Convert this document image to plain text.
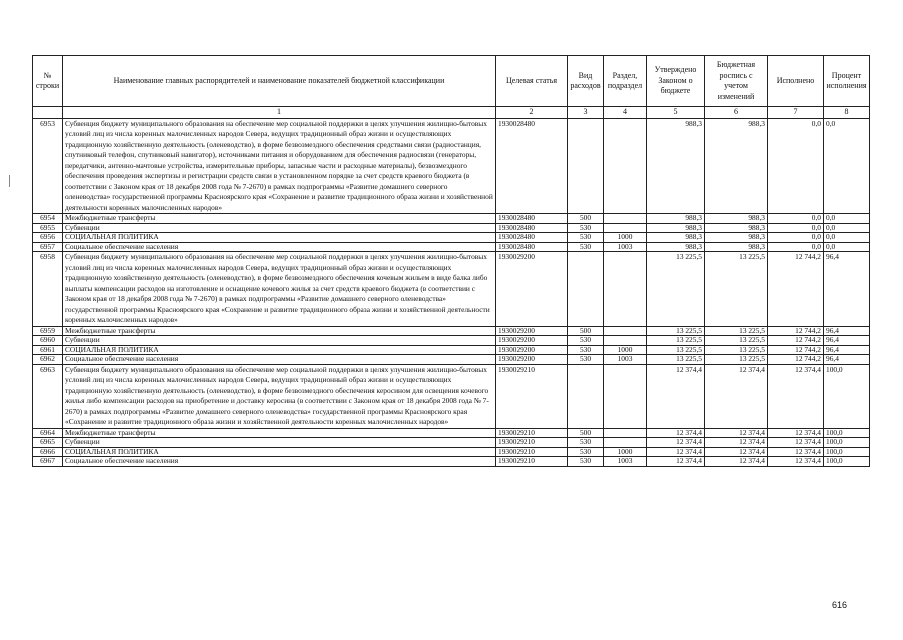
№ строки	Наименование главных распорядителей и наименование показателей бюджетной классификации	Целевая статья	Вид расходов	Раздел, подраздел	Утверждено Законом о бюджете	Бюджетная роспись с учетом изменений	Исполнено	Процент исполнения
	1	2	3	4	5	6	7	8
6953	Субвенция бюджету муниципального образования на обеспечение мер социальной поддержки в целях улучшения жилищно-бытовых условий лиц из числа коренных малочисленных народов Севера, ведущих традиционный образ жизни и осуществляющих традиционную хозяйственную деятельность (оленеводство), в форме безвозмездного обеспечения средствами связи (радиостанция, спутниковый телефон, спутниковый навигатор), источниками питания и оборудованием для обеспечения радиосвязи (генераторы, передатчики, антенно-мачтовые устройства, измерительные приборы, запасные части и расходные материалы), безвозмездного обеспечения проведения экспертизы и регистрации средств связи в установленном порядке за счет средств краевого бюджета (в соответствии с Законом края от 18 декабря 2008 года № 7-2670) в рамках подпрограммы «Развитие домашнего северного оленеводства» государственной программы Красноярского края «Сохранение и развитие традиционного образа жизни и хозяйственной деятельности коренных малочисленных народов»	1930028480			988,3	988,3	0,0	0,0
6954	Межбюджетные трансферты	1930028480	500		988,3	988,3	0,0	0,0
6955	Субвенции	1930028480	530		988,3	988,3	0,0	0,0
6956	СОЦИАЛЬНАЯ ПОЛИТИКА	1930028480	530	1000	988,3	988,3	0,0	0,0
6957	Социальное обеспечение населения	1930028480	530	1003	988,3	988,3	0,0	0,0
6958	Субвенция бюджету муниципального образования на обеспечение мер социальной поддержки в целях улучшения жилищно-бытовых условий лиц из числа коренных малочисленных народов Севера, ведущих традиционный образ жизни и осуществляющих традиционную хозяйственную деятельность (оленеводство), в форме безвозмездного обеспечения кочевым жильем в виде балка либо выплаты компенсации расходов на изготовление и оснащение кочевого жилья за счет средств краевого бюджета (в соответствии с Законом края от 18 декабря 2008 года № 7-2670) в рамках подпрограммы «Развитие домашнего северного оленеводства» государственной программы Красноярского края «Сохранение и развитие традиционного образа жизни и хозяйственной деятельности коренных малочисленных народов»	1930029200			13 225,5	13 225,5	12 744,2	96,4
6959	Межбюджетные трансферты	1930029200	500		13 225,5	13 225,5	12 744,2	96,4
6960	Субвенции	1930029200	530		13 225,5	13 225,5	12 744,2	96,4
6961	СОЦИАЛЬНАЯ ПОЛИТИКА	1930029200	530	1000	13 225,5	13 225,5	12 744,2	96,4
6962	Социальное обеспечение населения	1930029200	530	1003	13 225,5	13 225,5	12 744,2	96,4
6963	Субвенция бюджету муниципального образования на обеспечение мер социальной поддержки в целях улучшения жилищно-бытовых условий лиц из числа коренных малочисленных народов Севера, ведущих традиционный образ жизни и осуществляющих традиционную хозяйственную деятельность (оленеводство), в форме безвозмездного обеспечения керосином для освещения кочевого жилья либо компенсации расходов на приобретение и доставку керосина (в соответствии с Законом края от 18 декабря 2008 года № 7-2670) в рамках подпрограммы «Развитие домашнего северного оленеводства» государственной программы Красноярского края «Сохранение и развитие традиционного образа жизни и хозяйственной деятельности коренных малочисленных народов»	1930029210			12 374,4	12 374,4	12 374,4	100,0
6964	Межбюджетные трансферты	1930029210	500		12 374,4	12 374,4	12 374,4	100,0
6965	Субвенции	1930029210	530		12 374,4	12 374,4	12 374,4	100,0
6966	СОЦИАЛЬНАЯ ПОЛИТИКА	1930029210	530	1000	12 374,4	12 374,4	12 374,4	100,0
6967	Социальное обеспечение населения	1930029210	530	1003	12 374,4	12 374,4	12 374,4	100,0
616
